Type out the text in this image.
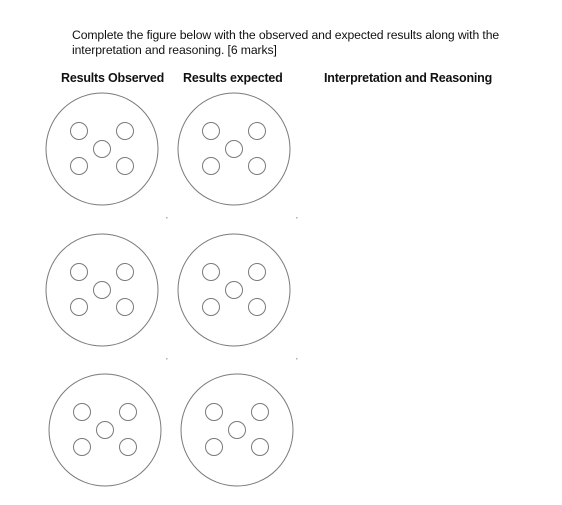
Complete the figure below with the observed and expected results along with the
interpretation and reasoning. [6 marks]
Results Observed Results expected	Interpretation and Reasoning
